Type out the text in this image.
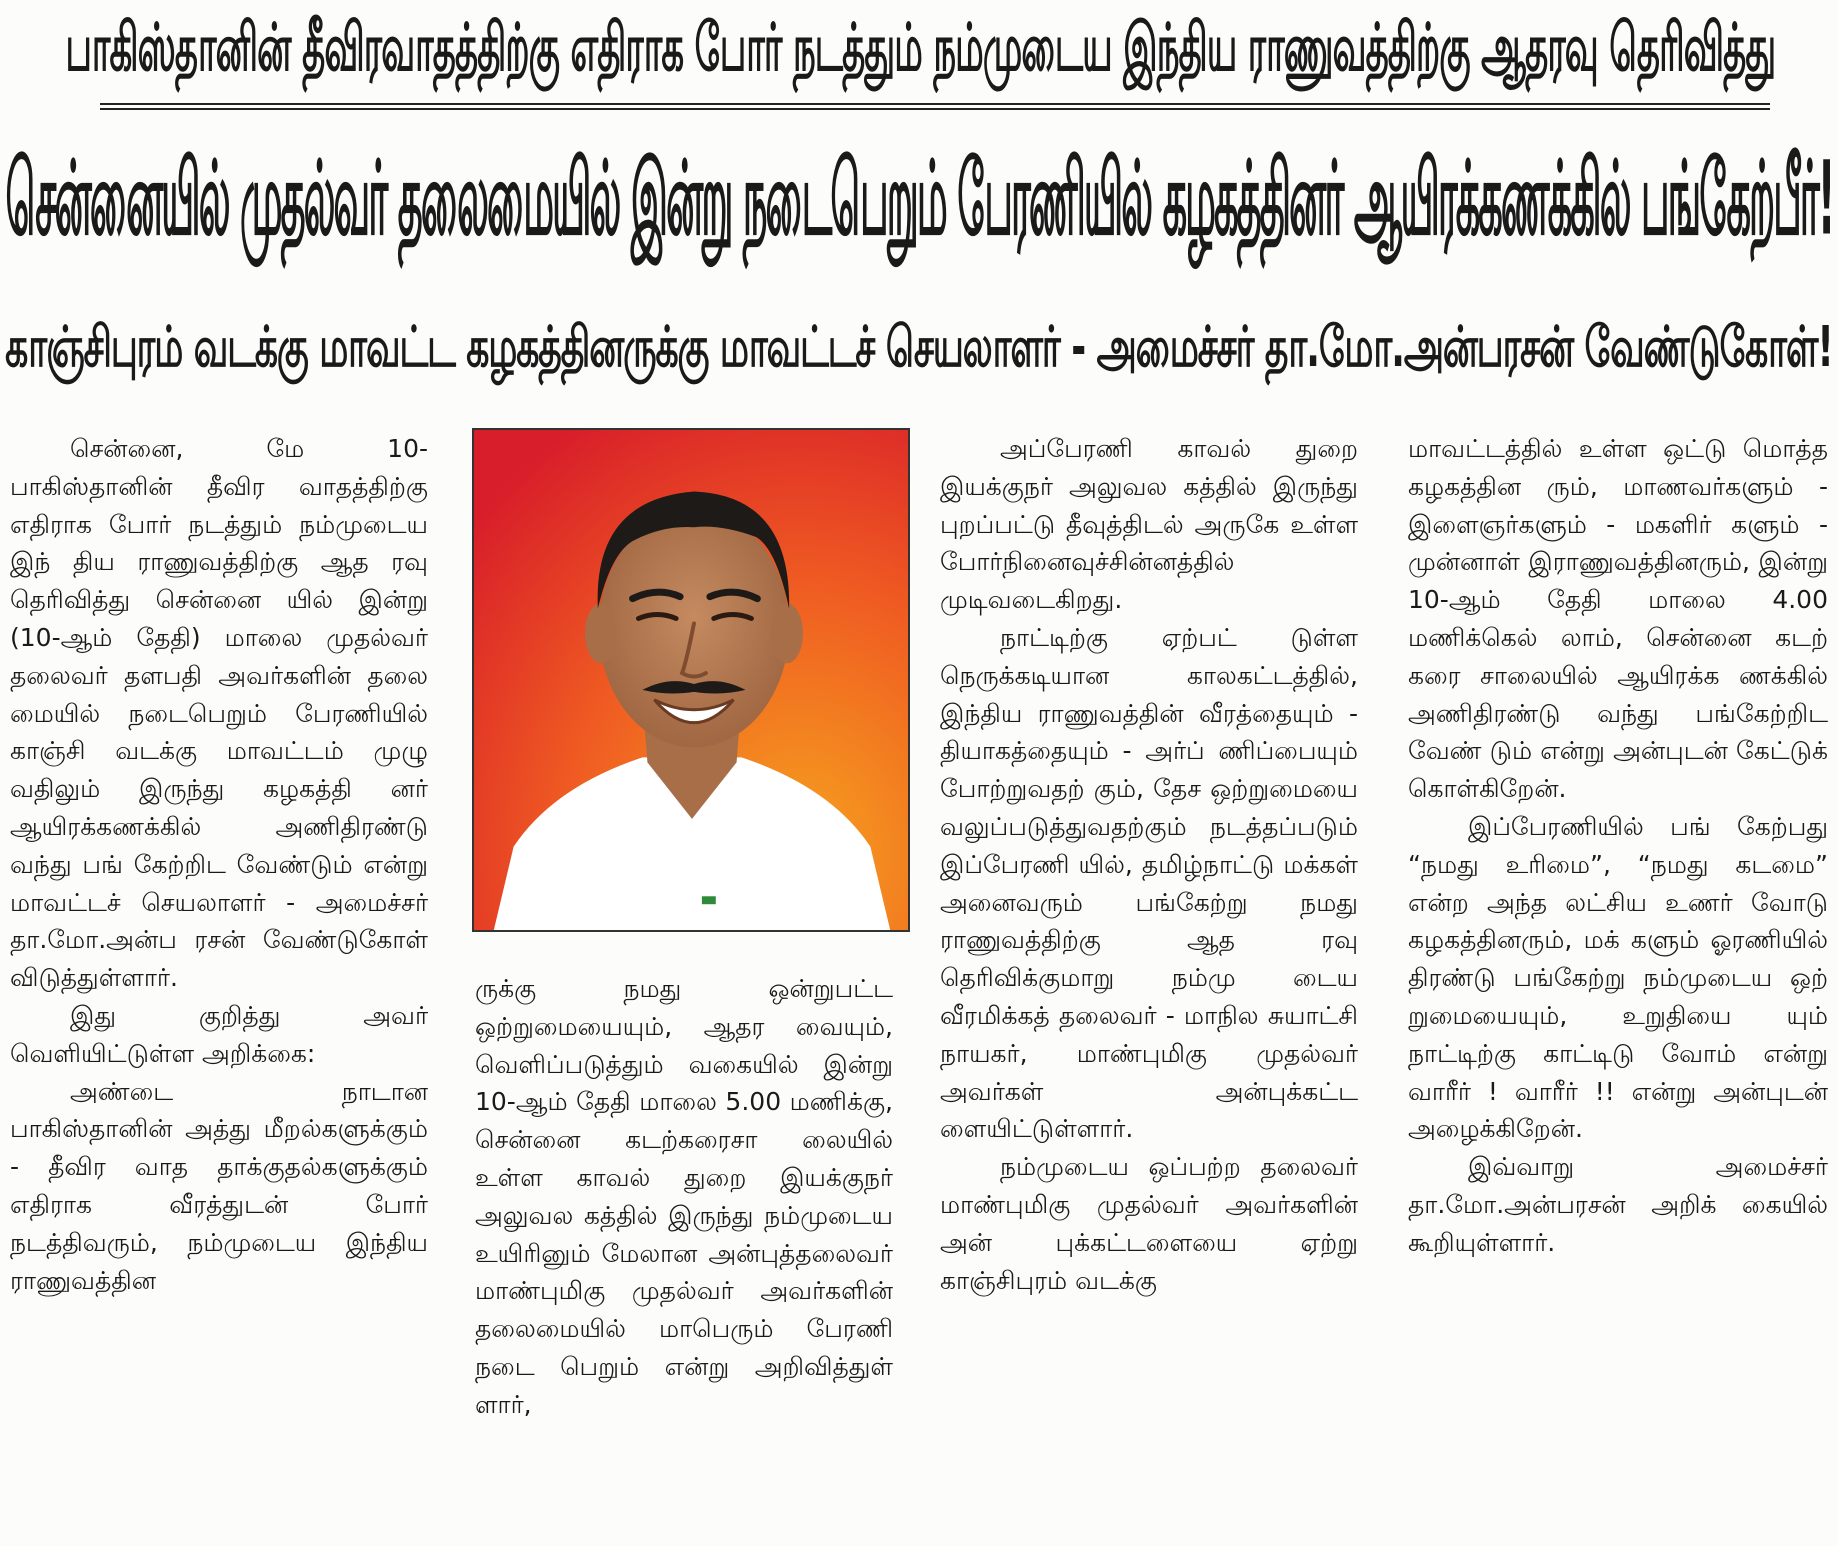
பாகிஸ்தானின் தீவிரவாதத்திற்கு எதிராக போர் நடத்தும் நம்முடைய இந்திய ராணுவத்திற்கு ஆதரவு தெரிவித்து
சென்னையில் முதல்வர் தலைமையில் இன்று நடைபெறும் பேரணியில் கழகத்தினர் ஆயிரக்கணக்கில் பங்கேற்பீர்!
காஞ்சிபுரம் வடக்கு மாவட்ட கழகத்தினருக்கு மாவட்டச் செயலாளர் - அமைச்சர் தா.மோ.அன்பரசன் வேண்டுகோள்!

சென்னை, மே 10- பாகிஸ்தானின் தீவிர வாதத்திற்கு எதிராக போர் நடத்தும் நம்முடைய இந் திய ராணுவத்திற்கு ஆத ரவு தெரிவித்து சென்னை யில் இன்று (10-ஆம் தேதி) மாலை முதல்வர் தலைவர் தளபதி அவர்களின் தலை மையில் நடைபெறும் பேரணியில் காஞ்சி வடக்கு மாவட்டம் முழு வதிலும் இருந்து கழகத்தி னர் ஆயிரக்கணக்கில் அணிதிரண்டு வந்து பங் கேற்றிட வேண்டும் என்று மாவட்டச் செயலாளர் - அமைச்சர் தா.மோ.அன்ப ரசன் வேண்டுகோள் விடுத்துள்ளார்.

இது குறித்து அவர் வெளியிட்டுள்ள அறிக்கை:

அண்டை நாடான பாகிஸ்தானின் அத்து மீறல்களுக்கும் - தீவிர வாத தாக்குதல்களுக்கும் எதிராக வீரத்துடன் போர் நடத்திவரும், நம்முடைய இந்திய ராணுவத்தின

ருக்கு நமது ஒன்றுபட்ட ஒற்றுமையையும், ஆதர வையும், வெளிப்படுத்தும் வகையில் இன்று 10-ஆம் தேதி மாலை 5.00 மணிக்கு, சென்னை கடற்கரைசா லையில் உள்ள காவல் துறை இயக்குநர் அலுவல கத்தில் இருந்து நம்முடைய உயிரினும் மேலான அன்புத்தலைவர் மாண்புமிகு முதல்வர் அவர்களின் தலைமையில் மாபெரும் பேரணி நடை பெறும் என்று அறிவித்துள் ளார்,

அப்பேரணி காவல் துறை இயக்குநர் அலுவல கத்தில் இருந்து புறப்பட்டு தீவுத்திடல் அருகே உள்ள போர்நினைவுச்சின்னத்தில் முடிவடைகிறது.

நாட்டிற்கு ஏற்பட் டுள்ள நெருக்கடியான காலகட்டத்தில், இந்திய ராணுவத்தின் வீரத்தையும் - தியாகத்தையும் - அர்ப் ணிப்பையும் போற்றுவதற் கும், தேச ஒற்றுமையை வலுப்படுத்துவதற்கும் நடத்தப்படும் இப்பேரணி யில், தமிழ்நாட்டு மக்கள் அனைவரும் பங்கேற்று நமது ராணுவத்திற்கு ஆத ரவு தெரிவிக்குமாறு நம்மு டைய வீரமிக்கத் தலைவர் - மாநில சுயாட்சி நாயகர், மாண்புமிகு முதல்வர் அவர்கள் அன்புக்கட்ட ளையிட்டுள்ளார்.

நம்முடைய ஒப்பற்ற தலைவர் மாண்புமிகு முதல்வர் அவர்களின் அன் புக்கட்டளையை ஏற்று காஞ்சிபுரம் வடக்கு

மாவட்டத்தில் உள்ள ஒட்டு மொத்த கழகத்தின ரும், மாணவர்களும் - இளைஞர்களும் - மகளிர் களும் - முன்னாள் இராணுவத்தினரும், இன்று 10-ஆம் தேதி மாலை 4.00 மணிக்கெல் லாம், சென்னை கடற் கரை சாலையில் ஆயிரக்க ணக்கில் அணிதிரண்டு வந்து பங்கேற்றிட வேண் டும் என்று அன்புடன் கேட்டுக் கொள்கிறேன்.

இப்பேரணியில் பங் கேற்பது “நமது உரிமை”, “நமது கடமை” என்ற அந்த லட்சிய உணர் வோடு கழகத்தினரும், மக் களும் ஓரணியில் திரண்டு பங்கேற்று நம்முடைய ஒற் றுமையையும், உறுதியை யும் நாட்டிற்கு காட்டிடு வோம் என்று வாரீர் ! வாரீர் !! என்று அன்புடன் அழைக்கிறேன்.

இவ்வாறு அமைச்சர் தா.மோ.அன்பரசன் அறிக் கையில் கூறியுள்ளார்.
